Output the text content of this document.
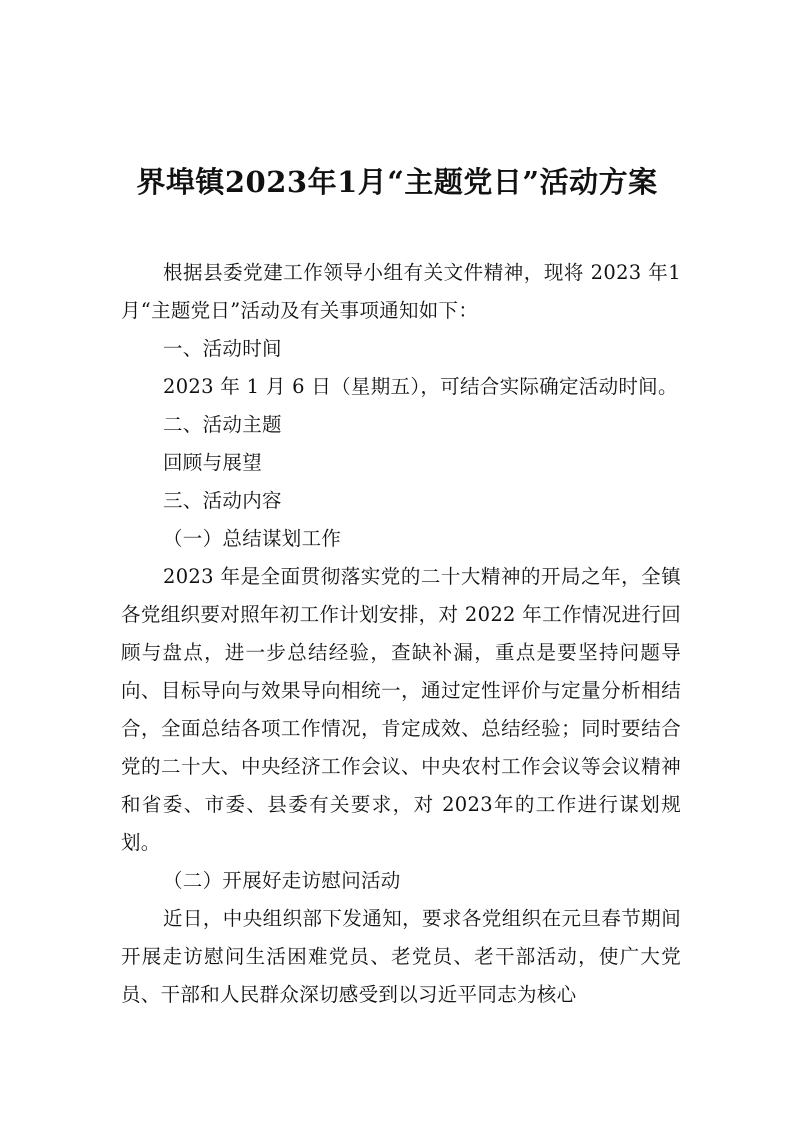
界埠镇2023年1月“主题党日”活动方案

根据县委党建工作领导小组有关文件精神，现将 2023 年1月“主题党日”活动及有关事项通知如下：

一、活动时间

2023 年 1 月 6 日（星期五），可结合实际确定活动时间。

二、活动主题

回顾与展望

三、活动内容

（一）总结谋划工作

2023 年是全面贯彻落实党的二十大精神的开局之年，全镇各党组织要对照年初工作计划安排，对 2022 年工作情况进行回顾与盘点，进一步总结经验，查缺补漏，重点是要坚持问题导向、目标导向与效果导向相统一，通过定性评价与定量分析相结合，全面总结各项工作情况，肯定成效、总结经验；同时要结合党的二十大、中央经济工作会议、中央农村工作会议等会议精神和省委、市委、县委有关要求，对 2023年的工作进行谋划规划。

（二）开展好走访慰问活动

近日，中央组织部下发通知，要求各党组织在元旦春节期间开展走访慰问生活困难党员、老党员、老干部活动，使广大党员、干部和人民群众深切感受到以习近平同志为核心
